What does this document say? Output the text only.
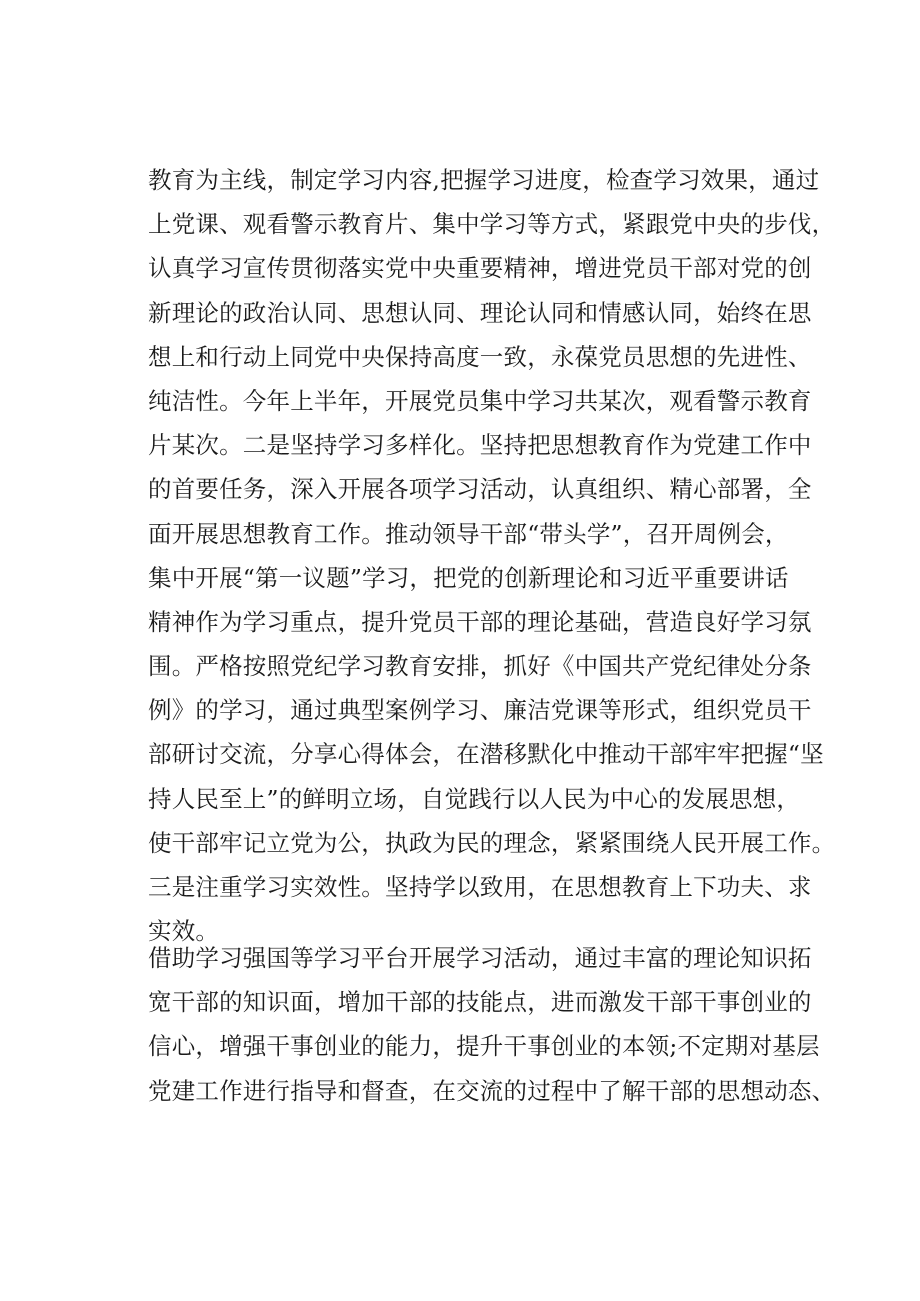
教育为主线，制定学习内容,把握学习进度，检查学习效果，通过
上党课、观看警示教育片、集中学习等方式，紧跟党中央的步伐，
认真学习宣传贯彻落实党中央重要精神，增进党员干部对党的创
新理论的政治认同、思想认同、理论认同和情感认同，始终在思
想上和行动上同党中央保持高度一致，永葆党员思想的先进性、
纯洁性。今年上半年，开展党员集中学习共某次，观看警示教育
片某次。二是坚持学习多样化。坚持把思想教育作为党建工作中
的首要任务，深入开展各项学习活动，认真组织、精心部署，全
面开展思想教育工作。推动领导干部“带头学”，召开周例会，
集中开展“第一议题”学习，把党的创新理论和习近平重要讲话
精神作为学习重点，提升党员干部的理论基础，营造良好学习氛
围。严格按照党纪学习教育安排，抓好《中国共产党纪律处分条
例》的学习，通过典型案例学习、廉洁党课等形式，组织党员干
部研讨交流，分享心得体会，在潜移默化中推动干部牢牢把握“坚
持人民至上”的鲜明立场，自觉践行以人民为中心的发展思想，
使干部牢记立党为公，执政为民的理念，紧紧围绕人民开展工作。
三是注重学习实效性。坚持学以致用，在思想教育上下功夫、求
实效。
借助学习强国等学习平台开展学习活动，通过丰富的理论知识拓
宽干部的知识面，增加干部的技能点，进而激发干部干事创业的
信心，增强干事创业的能力，提升干事创业的本领;不定期对基层
党建工作进行指导和督查，在交流的过程中了解干部的思想动态、
